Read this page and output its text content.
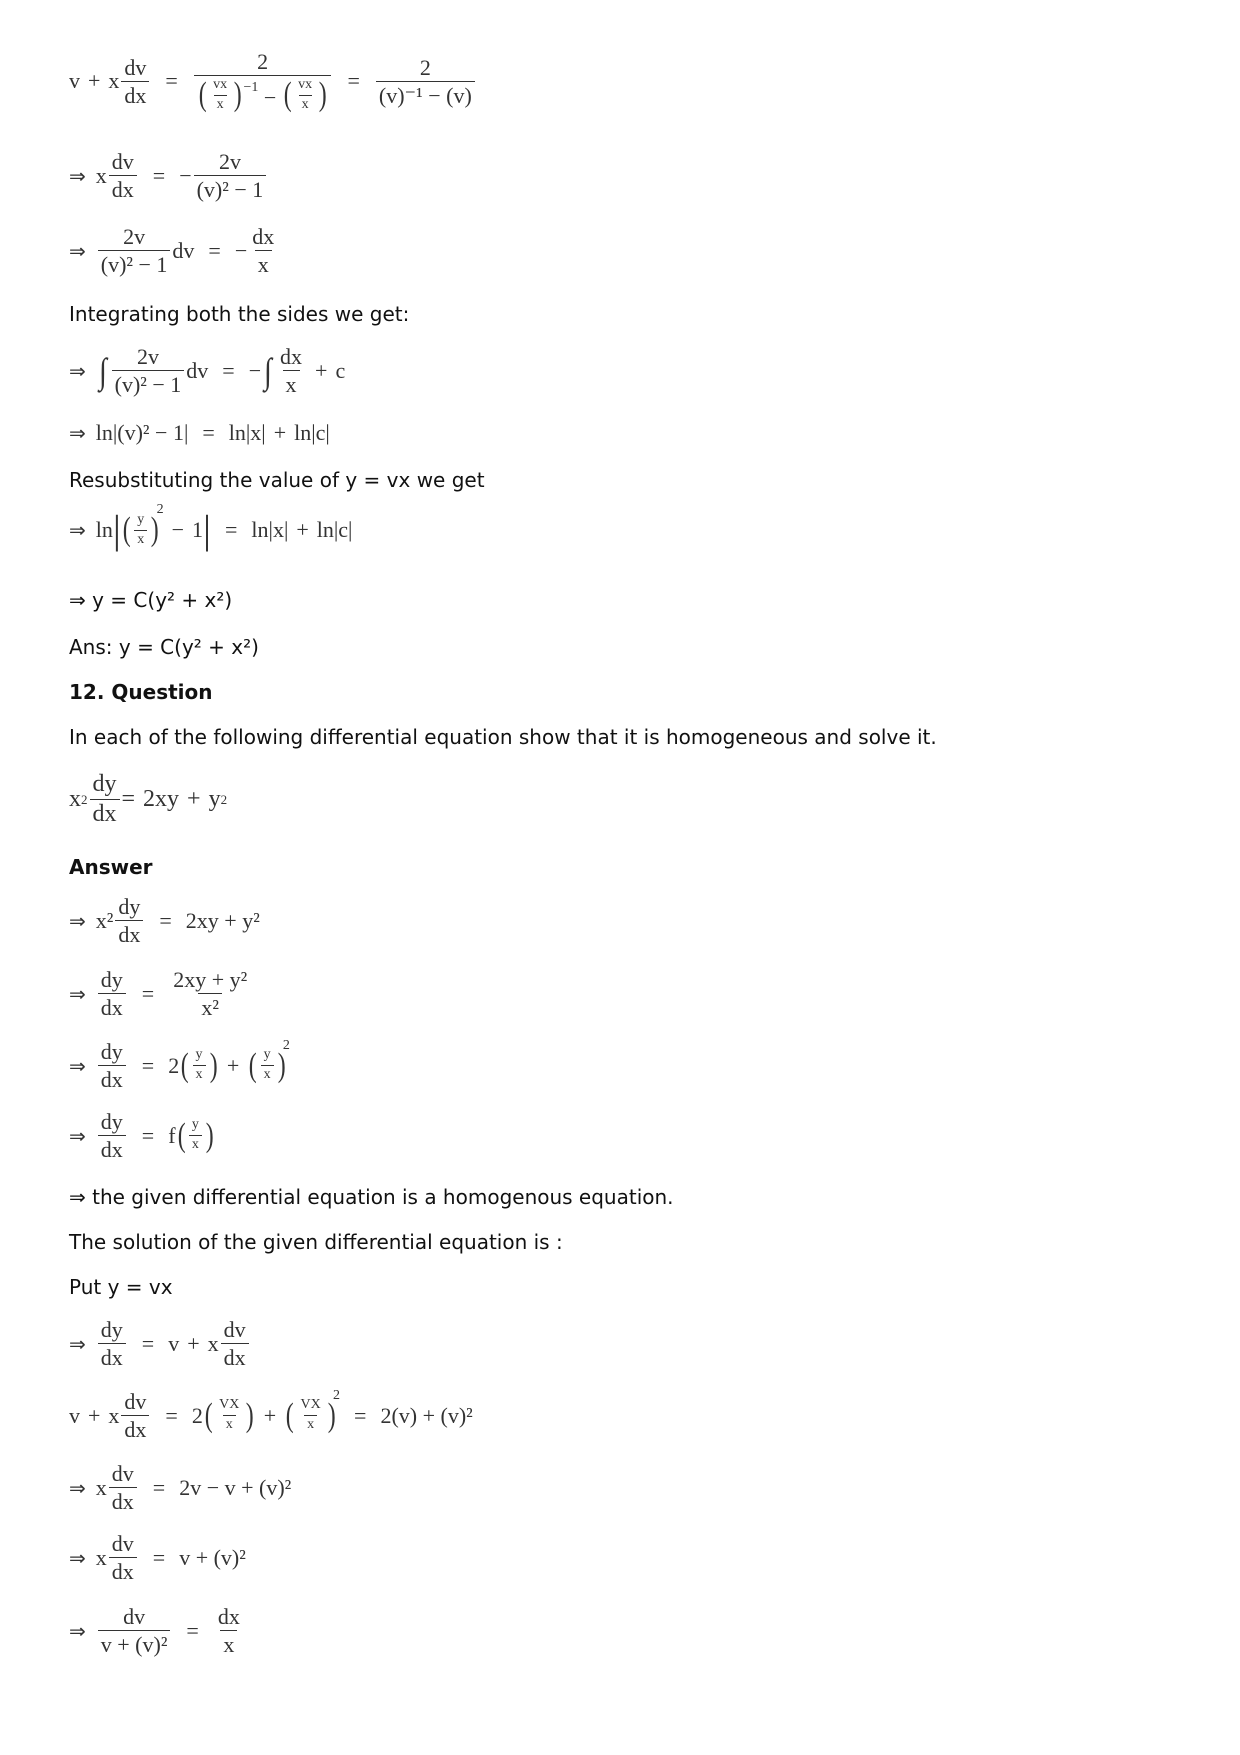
v + x
dv
dx
=
2
( vx
x ) $^{-1}$ − ( vx
x ) =
2
(v)⁻¹ − (v)
⇒ x
dv
dx
= − $\frac{2v}{\text{(v)² − 1}}$
⇒
2v
(v)² − 1
dv = − $\frac{dx}{x}$
Integrating both the sides we get:
⇒ ∫ 2v
(v)² − 1
dv = − ∫ dx
x
+ c
⇒ ln|(v)² − 1| = ln|x| + ln|c|
Resubstituting the value of y = vx we get
⇒ ln | ( y
x )
2
− 1 | = ln|x| + ln|c|
⇒ y = C(y² + x²)
Ans: y = C(y² + x²)
12. Question
In each of the following differential equation show that it is homogeneous and solve it.
x $2 \frac{dy}{dx} = 2xy + y$ 2
Answer
⇒ x²
dy
dx
= 2xy + y²
⇒
dy
dx
=
2xy + y²
x²
⇒
dy
dx
= 2 ( y
x ) + ( y
x )
2
⇒
dy
dx
= f ( y
x )
⇒ the given differential equation is a homogenous equation.
The solution of the given differential equation is :
Put y = vx
⇒
dy
dx
= v + x
dv
dx
v + x
dv
dx
= 2 ( VX
x ) + ( VX
x )
2
= 2(v) + (v)²
⇒ x
dv
dx
= 2v − v + (v)²
⇒ x
dv
dx
= v + (v)²
⇒
dv
v + (v)²
=
dx
x
